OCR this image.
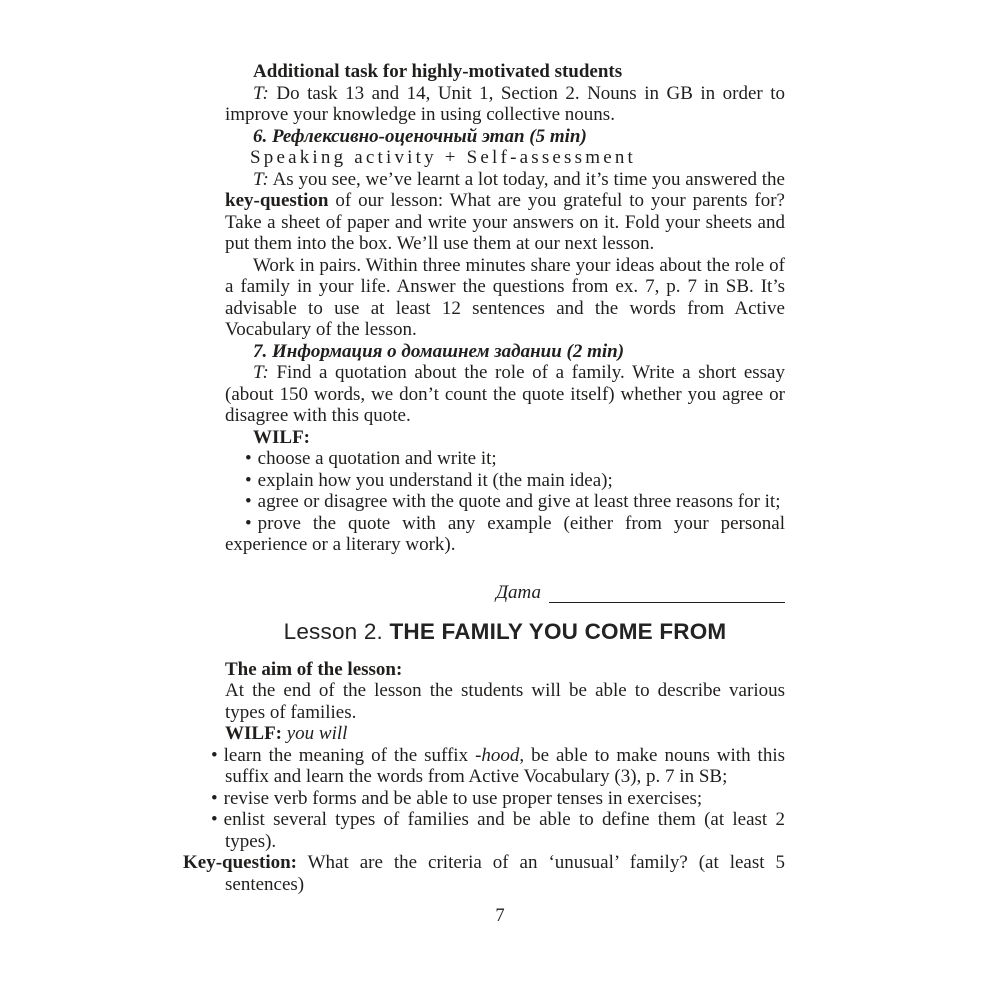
Additional task for highly-motivated students

T: Do task 13 and 14, Unit 1, Section 2. Nouns in GB in order to improve your knowledge in using collective nouns.

6. Рефлексивно-оценочный этап (5 min)

Speaking activity + Self-assessment

T: As you see, we’ve learnt a lot today, and it’s time you answered the key-question of our lesson: What are you grateful to your parents for? Take a sheet of paper and write your answers on it. Fold your sheets and put them into the box. We’ll use them at our next lesson.

Work in pairs. Within three minutes share your ideas about the role of a family in your life. Answer the questions from ex. 7, p. 7 in SB. It’s advisable to use at least 12 sentences and the words from Active Vocabulary of the lesson.

7. Информация о домашнем задании (2 min)

T: Find a quotation about the role of a family. Write a short essay (about 150 words, we don’t count the quote itself) whether you agree or disagree with this quote.

WILF:

• choose a quotation and write it;

• explain how you understand it (the main idea);

• agree or disagree with the quote and give at least three reasons for it;

• prove the quote with any example (either from your personal experience or a literary work).

Дата

Lesson 2. THE FAMILY YOU COME FROM

The aim of the lesson:

At the end of the lesson the students will be able to describe various types of families.

WILF: you will

• learn the meaning of the suffix -hood, be able to make nouns with this suffix and learn the words from Active Vocabulary (3), p. 7 in SB;

• revise verb forms and be able to use proper tenses in exercises;

• enlist several types of families and be able to define them (at least 2 types).

Key-question: What are the criteria of an ‘unusual’ family? (at least 5 sentences)

7
